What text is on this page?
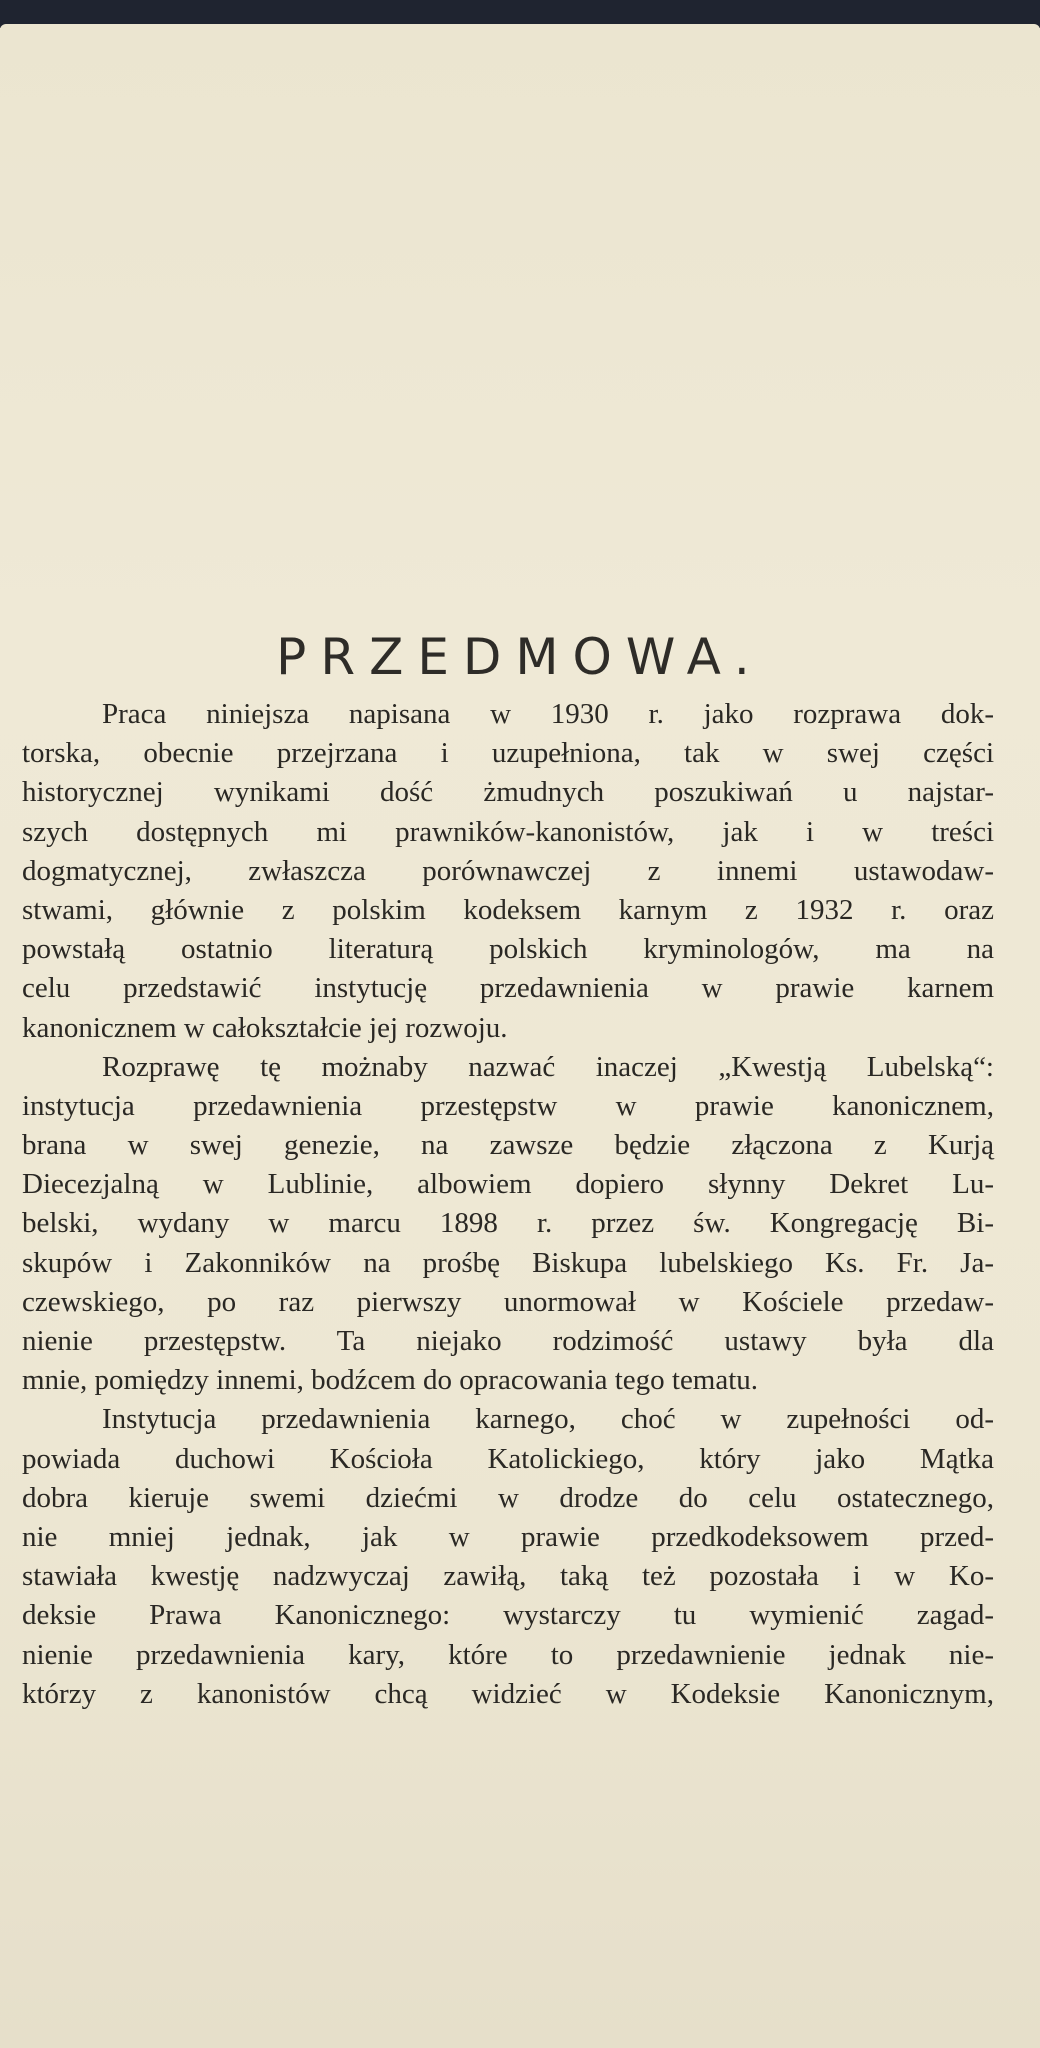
PRZEDMOWA.
Praca niniejsza napisana w 1930 r. jako rozprawa dok-
torska, obecnie przejrzana i uzupełniona, tak w swej części
historycznej wynikami dość żmudnych poszukiwań u najstar-
szych dostępnych mi prawników-kanonistów, jak i w treści
dogmatycznej, zwłaszcza porównawczej z innemi ustawodaw-
stwami, głównie z polskim kodeksem karnym z 1932 r. oraz
powstałą ostatnio literaturą polskich kryminologów, ma na
celu przedstawić instytucję przedawnienia w prawie karnem
kanonicznem w całokształcie jej rozwoju.
Rozprawę tę możnaby nazwać inaczej „Kwestją Lubelską“:
instytucja przedawnienia przestępstw w prawie kanonicznem,
brana w swej genezie, na zawsze będzie złączona z Kurją
Diecezjalną w Lublinie, albowiem dopiero słynny Dekret Lu-
belski, wydany w marcu 1898 r. przez św. Kongregację Bi-
skupów i Zakonników na prośbę Biskupa lubelskiego Ks. Fr. Ja-
czewskiego, po raz pierwszy unormował w Kościele przedaw-
nienie przestępstw. Ta niejako rodzimość ustawy była dla
mnie, pomiędzy innemi, bodźcem do opracowania tego tematu.
Instytucja przedawnienia karnego, choć w zupełności od-
powiada duchowi Kościoła Katolickiego, który jako Mątka
dobra kieruje swemi dziećmi w drodze do celu ostatecznego,
nie mniej jednak, jak w prawie przedkodeksowem przed-
stawiała kwestję nadzwyczaj zawiłą, taką też pozostała i w Ko-
deksie Prawa Kanonicznego: wystarczy tu wymienić zagad-
nienie przedawnienia kary, które to przedawnienie jednak nie-
którzy z kanonistów chcą widzieć w Kodeksie Kanonicznym,
